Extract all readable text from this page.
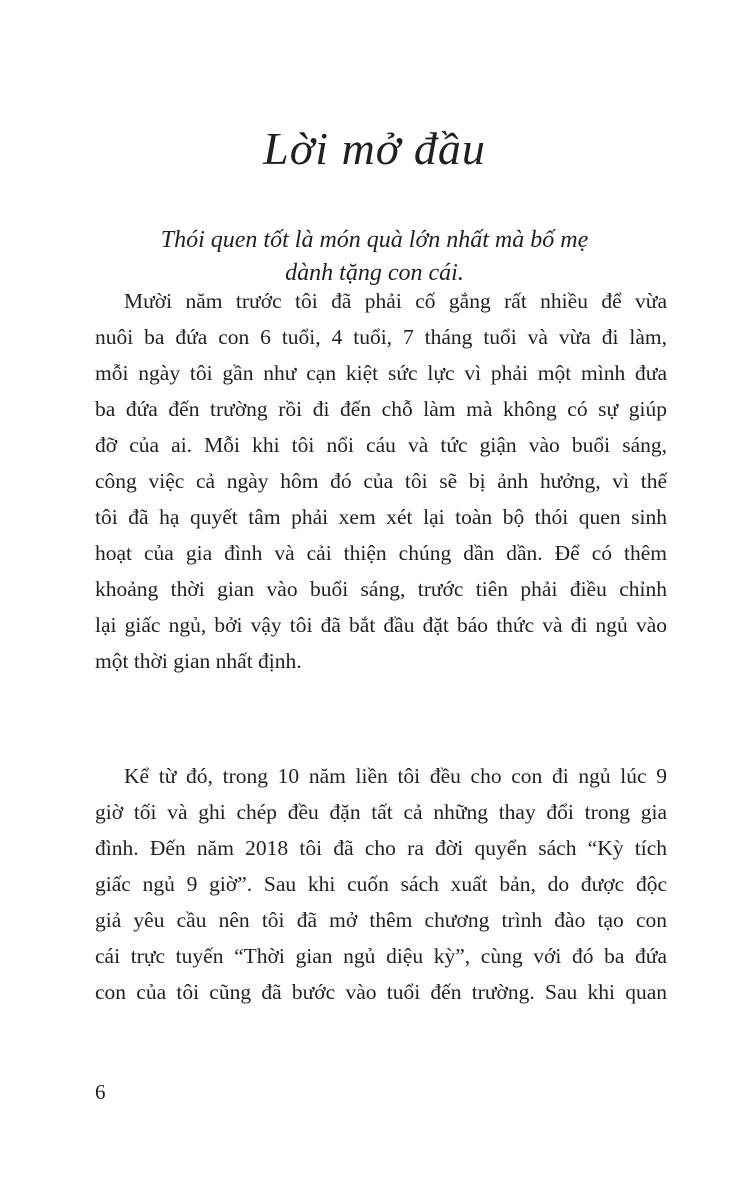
Lời mở đầu
Thói quen tốt là món quà lớn nhất mà bố mẹ
dành tặng con cái.
Mười năm trước tôi đã phải cố gắng rất nhiều để vừa
nuôi ba đứa con 6 tuổi, 4 tuổi, 7 tháng tuổi và vừa đi làm,
mỗi ngày tôi gần như cạn kiệt sức lực vì phải một mình đưa
ba đứa đến trường rồi đi đến chỗ làm mà không có sự giúp
đỡ của ai. Mỗi khi tôi nổi cáu và tức giận vào buổi sáng,
công việc cả ngày hôm đó của tôi sẽ bị ảnh hưởng, vì thế
tôi đã hạ quyết tâm phải xem xét lại toàn bộ thói quen sinh
hoạt của gia đình và cải thiện chúng dần dần. Để có thêm
khoảng thời gian vào buổi sáng, trước tiên phải điều chỉnh
lại giấc ngủ, bởi vậy tôi đã bắt đầu đặt báo thức và đi ngủ vào
một thời gian nhất định.
Kể từ đó, trong 10 năm liền tôi đều cho con đi ngủ lúc 9
giờ tối và ghi chép đều đặn tất cả những thay đổi trong gia
đình. Đến năm 2018 tôi đã cho ra đời quyển sách “Kỳ tích
giấc ngủ 9 giờ”. Sau khi cuốn sách xuất bản, do được độc
giả yêu cầu nên tôi đã mở thêm chương trình đào tạo con
cái trực tuyến “Thời gian ngủ diệu kỳ”, cùng với đó ba đứa
con của tôi cũng đã bước vào tuổi đến trường. Sau khi quan
6
